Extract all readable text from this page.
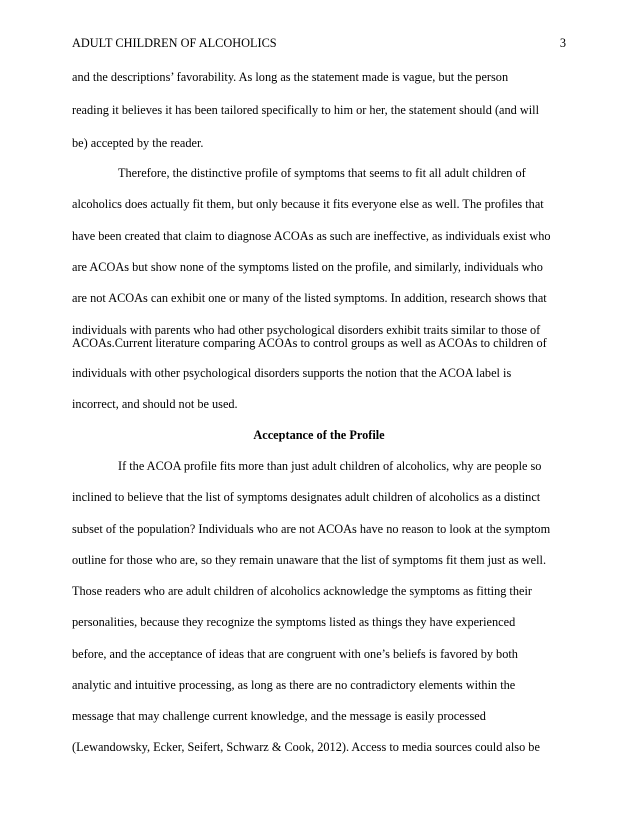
ADULT CHILDREN OF ALCOHOLICS	3
and the descriptions’ favorability. As long as the statement made is vague, but the person
reading it believes it has been tailored specifically to him or her, the statement should (and will
be) accepted by the reader.
Therefore, the distinctive profile of symptoms that seems to fit all adult children of
alcoholics does actually fit them, but only because it fits everyone else as well. The profiles that
have been created that claim to diagnose ACOAs as such are ineffective, as individuals exist who
are ACOAs but show none of the symptoms listed on the profile, and similarly, individuals who
are not ACOAs can exhibit one or many of the listed symptoms. In addition, research shows that
individuals with parents who had other psychological disorders exhibit traits similar to those of
ACOAs.Current literature comparing ACOAs to control groups as well as ACOAs to children of
individuals with other psychological disorders supports the notion that the ACOA label is
incorrect, and should not be used.
Acceptance of the Profile
If the ACOA profile fits more than just adult children of alcoholics, why are people so
inclined to believe that the list of symptoms designates adult children of alcoholics as a distinct
subset of the population? Individuals who are not ACOAs have no reason to look at the symptom
outline for those who are, so they remain unaware that the list of symptoms fit them just as well.
Those readers who are adult children of alcoholics acknowledge the symptoms as fitting their
personalities, because they recognize the symptoms listed as things they have experienced
before, and the acceptance of ideas that are congruent with one’s beliefs is favored by both
analytic and intuitive processing, as long as there are no contradictory elements within the
message that may challenge current knowledge, and the message is easily processed
(Lewandowsky, Ecker, Seifert, Schwarz & Cook, 2012). Access to media sources could also be
